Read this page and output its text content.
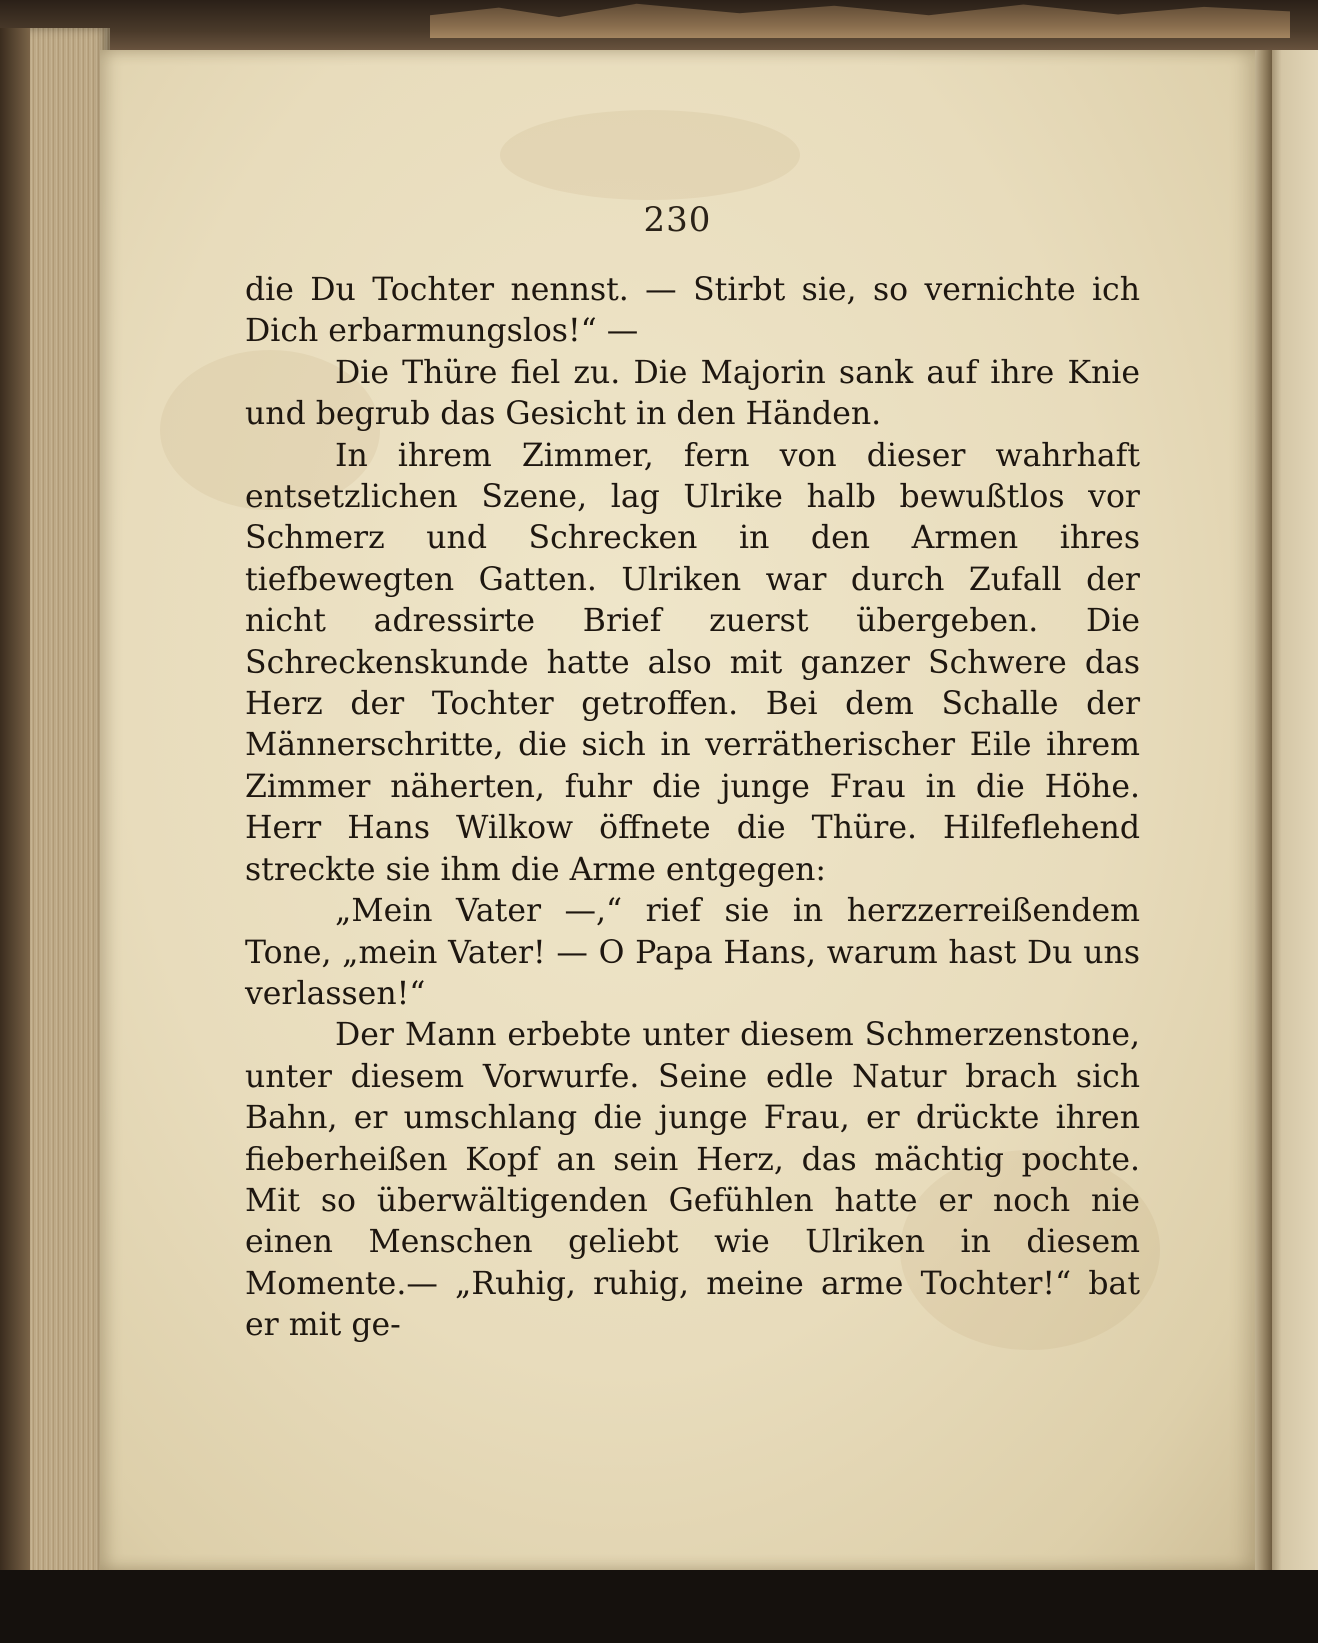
230

die Du Tochter nennst. — Stirbt sie, so vernichte ich Dich erbarmungslos!“ —

Die Thüre fiel zu. Die Majorin sank auf ihre Knie und begrub das Gesicht in den Händen.

In ihrem Zimmer, fern von dieser wahrhaft entsetzlichen Szene, lag Ulrike halb bewußtlos vor Schmerz und Schrecken in den Armen ihres tiefbewegten Gatten. Ulriken war durch Zufall der nicht adressirte Brief zuerst übergeben. Die Schreckenskunde hatte also mit ganzer Schwere das Herz der Tochter getroffen. Bei dem Schalle der Männerschritte, die sich in verrätherischer Eile ihrem Zimmer näherten, fuhr die junge Frau in die Höhe. Herr Hans Wilkow öffnete die Thüre. Hilfeflehend streckte sie ihm die Arme entgegen:

„Mein Vater —,“ rief sie in herzzerreißendem Tone, „mein Vater! — O Papa Hans, warum hast Du uns verlassen!“

Der Mann erbebte unter diesem Schmerzenstone, unter diesem Vorwurfe. Seine edle Natur brach sich Bahn, er umschlang die junge Frau, er drückte ihren fieberheißen Kopf an sein Herz, das mächtig pochte. Mit so überwältigenden Gefühlen hatte er noch nie einen Menschen geliebt wie Ulriken in diesem Momente.— „Ruhig, ruhig, meine arme Tochter!“ bat er mit ge-
